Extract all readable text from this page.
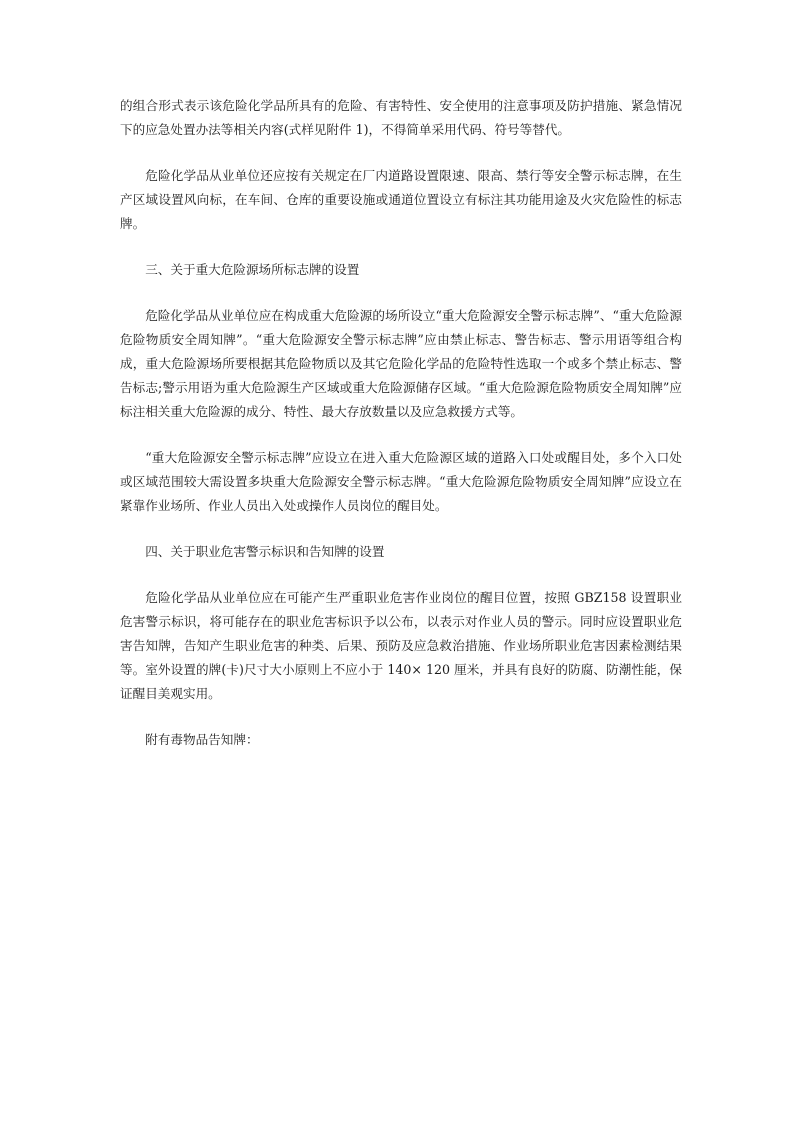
的组合形式表示该危险化学品所具有的危险、有害特性、安全使用的注意事项及防护措施、紧急情况下的应急处置办法等相关内容(式样见附件 1)，不得简单采用代码、符号等替代。

危险化学品从业单位还应按有关规定在厂内道路设置限速、限高、禁行等安全警示标志牌，在生产区域设置风向标，在车间、仓库的重要设施或通道位置设立有标注其功能用途及火灾危险性的标志牌。

三、关于重大危险源场所标志牌的设置

危险化学品从业单位应在构成重大危险源的场所设立“重大危险源安全警示标志牌”、“重大危险源危险物质安全周知牌”。“重大危险源安全警示标志牌”应由禁止标志、警告标志、警示用语等组合构成，重大危险源场所要根据其危险物质以及其它危险化学品的危险特性选取一个或多个禁止标志、警告标志;警示用语为重大危险源生产区域或重大危险源储存区域。“重大危险源危险物质安全周知牌”应标注相关重大危险源的成分、特性、最大存放数量以及应急救援方式等。

“重大危险源安全警示标志牌”应设立在进入重大危险源区域的道路入口处或醒目处，多个入口处或区域范围较大需设置多块重大危险源安全警示标志牌。“重大危险源危险物质安全周知牌”应设立在紧靠作业场所、作业人员出入处或操作人员岗位的醒目处。

四、关于职业危害警示标识和告知牌的设置

危险化学品从业单位应在可能产生严重职业危害作业岗位的醒目位置，按照 GBZ158 设置职业危害警示标识，将可能存在的职业危害标识予以公布，以表示对作业人员的警示。同时应设置职业危害告知牌，告知产生职业危害的种类、后果、预防及应急救治措施、作业场所职业危害因素检测结果等。室外设置的牌(卡)尺寸大小原则上不应小于 140× 120 厘米，并具有良好的防腐、防潮性能，保证醒目美观实用。

附有毒物品告知牌：
